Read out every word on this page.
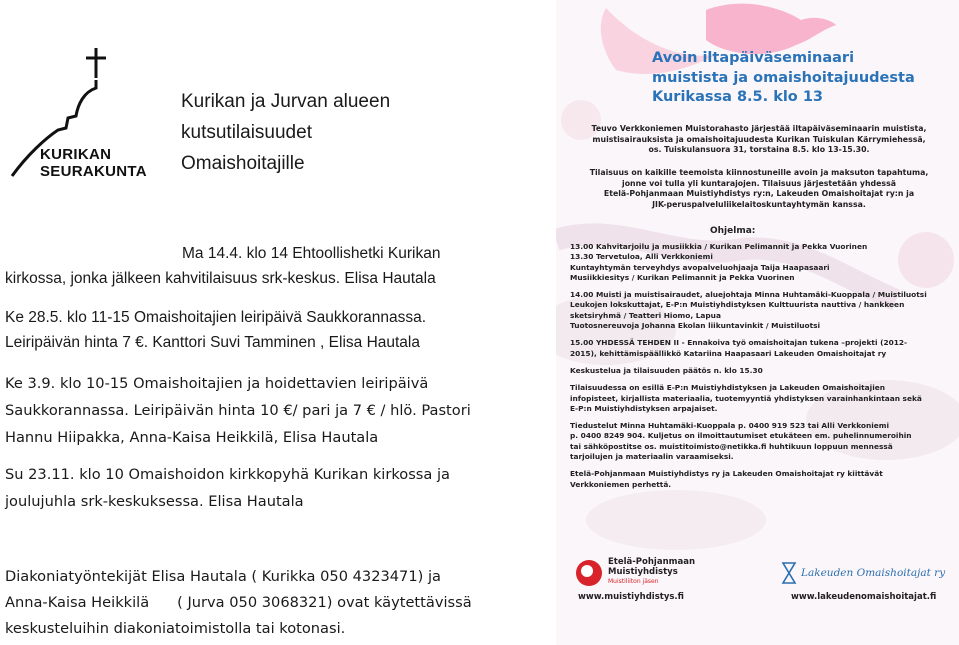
KURIKAN
SEURAKUNTA
Kurikan ja Jurvan alueen
kutsutilaisuudet
Omaishoitajille
Ma 14.4. klo 14 Ehtoollishetki Kurikan
kirkossa, jonka jälkeen kahvitilaisuus srk-keskus. Elisa Hautala
Ke 28.5. klo 11-15 Omaishoitajien leiripäivä Saukkorannassa.
Leiripäivän hinta 7 €. Kanttori Suvi Tamminen , Elisa Hautala
Ke 3.9. klo 10-15 Omaishoitajien ja hoidettavien leiripäivä
Saukkorannassa. Leiripäivän hinta 10 €/ pari ja 7 € / hlö. Pastori
Hannu Hiipakka, Anna-Kaisa Heikkilä, Elisa Hautala
Su 23.11. klo 10 Omaishoidon kirkkopyhä Kurikan kirkossa ja
joulujuhla srk-keskuksessa. Elisa Hautala
Diakoniatyöntekijät Elisa Hautala ( Kurikka 050 4323471) ja
Anna-Kaisa Heikkilä ( Jurva 050 3068321) ovat käytettävissä
keskusteluihin diakoniatoimistolla tai kotonasi.
Avoin iltapäiväseminaari
muistista ja omaishoitajuudesta
Kurikassa 8.5. klo 13
Teuvo Verkkoniemen Muistorahasto järjestää iltapäiväseminaarin muistista,
muistisairauksista ja omaishoitajuudesta Kurikan Tuiskulan Kärrymiehessä,
os. Tuiskulansuora 31, torstaina 8.5. klo 13-15.30.
Tilaisuus on kaikille teemoista kiinnostuneille avoin ja maksuton tapahtuma,
jonne voi tulla yli kuntarajojen. Tilaisuus järjestetään yhdessä
Etelä-Pohjanmaan Muistiyhdistys ry:n, Lakeuden Omaishoitajat ry:n ja
JIK-peruspalveluliikelaitoskuntayhtymän kanssa.
Ohjelma:
13.00 Kahvitarjoilu ja musiikkia / Kurikan Pelimannit ja Pekka Vuorinen
13.30 Tervetuloa, Alli Verkkoniemi
Kuntayhtymän terveyhdys avopalveluohjaaja Taija Haapasaari
Musiikkiesitys / Kurikan Pelimannit ja Pekka Vuorinen
14.00 Muisti ja muistisairaudet, aluejohtaja Minna Huhtamäki-Kuoppala / Muistiluotsi
Leukojen lokskuttajat, E-P:n Muistiyhdistyksen Kulttuurista nauttiva / hankkeen
sketsiryhmä / Teatteri Hiomo, Lapua
Tuotosnereuvoja Johanna Ekolan liikuntavinkit / Muistiluotsi
15.00 YHDESSÄ TEHDEN II - Ennakoiva työ omaishoitajan tukena –projekti (2012-
2015), kehittämispäällikkö Katariina Haapasaari Lakeuden Omaishoitajat ry
Keskustelua ja tilaisuuden päätös n. klo 15.30
Tilaisuudessa on esillä E-P:n Muistiyhdistyksen ja Lakeuden Omaishoitajien
infopisteet, kirjallista materiaalia, tuotemyyntiä yhdistyksen varainhankintaan sekä
E-P:n Muistiyhdistyksen arpajaiset.
Tiedustelut Minna Huhtamäki-Kuoppala p. 0400 919 523 tai Alli Verkkoniemi
p. 0400 8249 904. Kuljetus on ilmoittautumiset etukäteen em. puhelinnumeroihin
tai sähköpostitse os. muistitoimisto@netikka.fi huhtikuun loppuun mennessä
tarjoilujen ja materiaalin varaamiseksi.
Etelä-Pohjanmaan Muistiyhdistys ry ja Lakeuden Omaishoitajat ry kiittävät
Verkkoniemen perhettä.
Etelä-Pohjanmaan
Muistiyhdistys
Muistiliiton jäsen
www.muistiyhdistys.fi
Lakeuden Omaishoitajat ry
www.lakeudenomaishoitajat.fi
